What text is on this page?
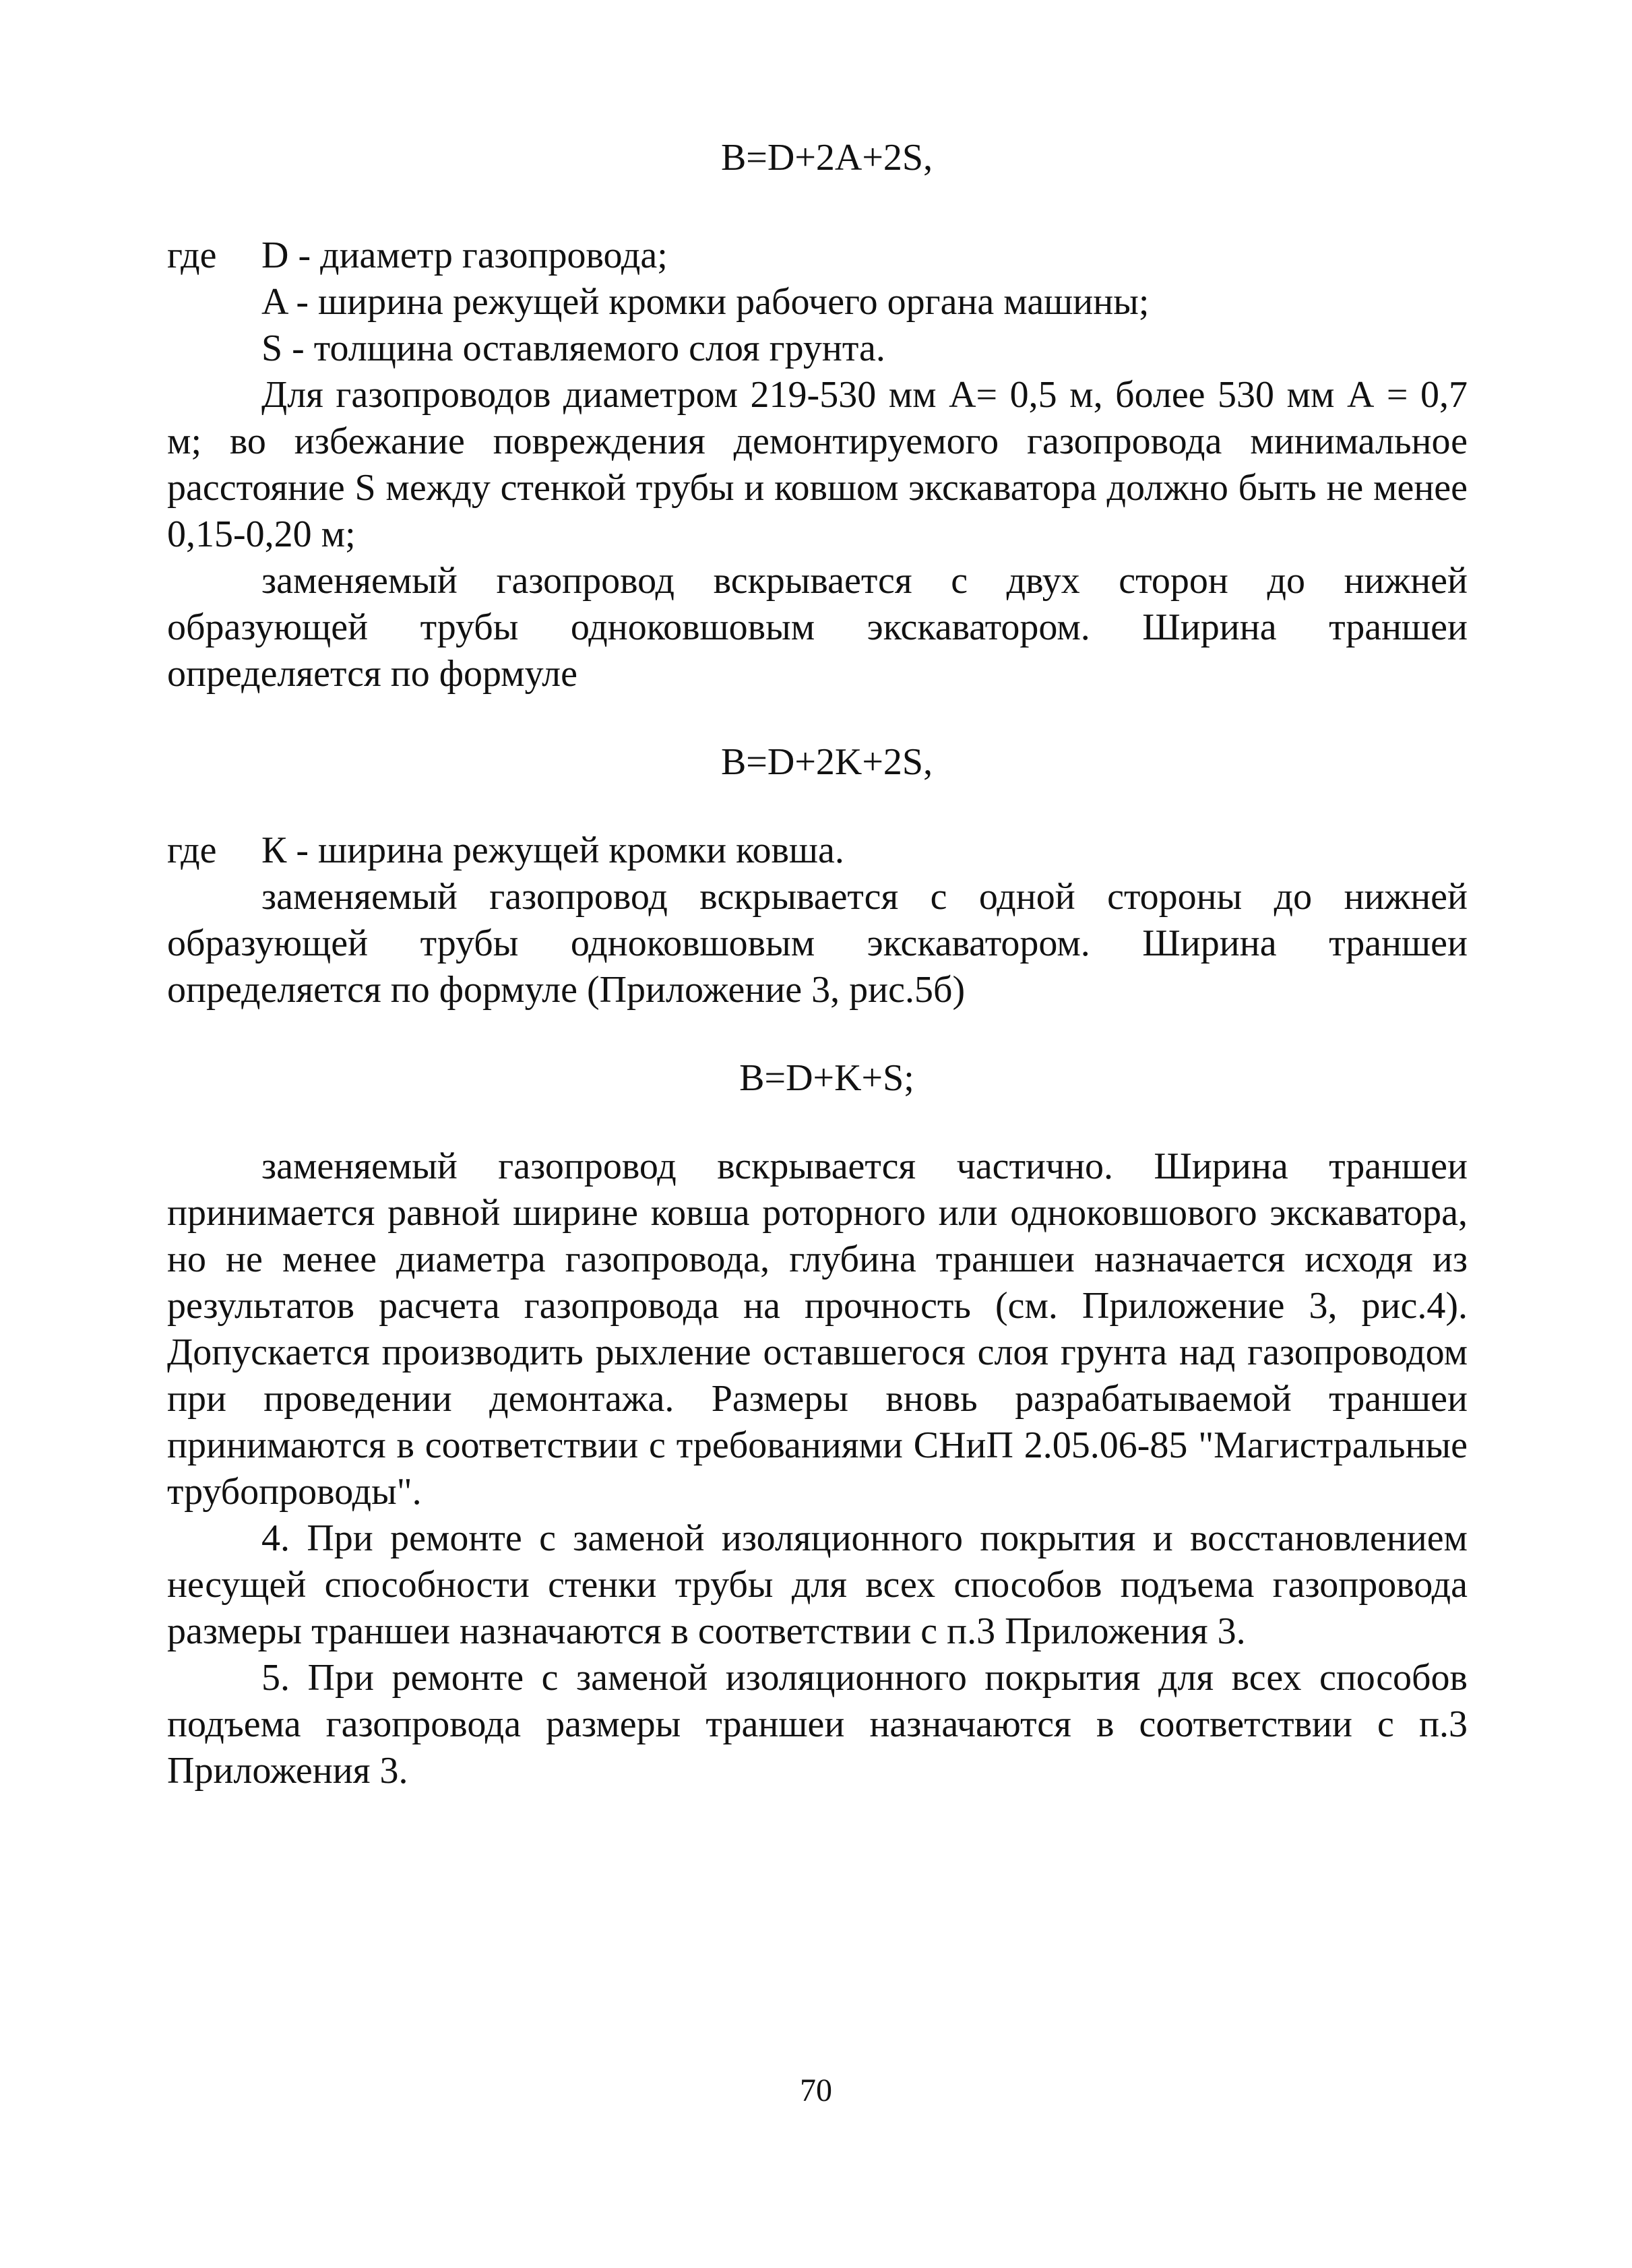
B=D+2A+2S,

где	D - диаметр газопровода;

A - ширина режущей кромки рабочего органа машины;

S - толщина оставляемого слоя грунта.

Для газопроводов диаметром 219-530 мм А= 0,5 м, более 530 мм А = 0,7 м; во избежание повреждения демонтируемого газопровода минимальное расстояние S между стенкой трубы и ковшом экскаватора должно быть не менее 0,15-0,20 м;

заменяемый газопровод вскрывается с двух сторон до нижней образующей трубы одноковшовым экскаватором. Ширина траншеи определяется по формуле

B=D+2K+2S,

где	К - ширина режущей кромки ковша.

заменяемый газопровод вскрывается с одной стороны до нижней образующей трубы одноковшовым экскаватором. Ширина траншеи определяется по формуле (Приложение 3, рис.5б)

B=D+K+S;

заменяемый газопровод вскрывается частично. Ширина траншеи принимается равной ширине ковша роторного или одноковшового экскаватора, но не менее диаметра газопровода, глубина траншеи назначается исходя из результатов расчета газопровода на прочность (см. Приложение 3, рис.4). Допускается производить рыхление оставшегося слоя грунта над газопроводом при проведении демонтажа. Размеры вновь разрабатываемой траншеи принимаются в соответствии с требованиями СНиП 2.05.06-85 "Магистральные трубопроводы".

4. При ремонте с заменой изоляционного покрытия и восстановлением несущей способности стенки трубы для всех способов подъема газопровода размеры траншеи назначаются в соответствии с п.3 Приложения 3.

5. При ремонте с заменой изоляционного покрытия для всех способов подъема газопровода размеры траншеи назначаются в соответствии с п.3 Приложения 3.

70
